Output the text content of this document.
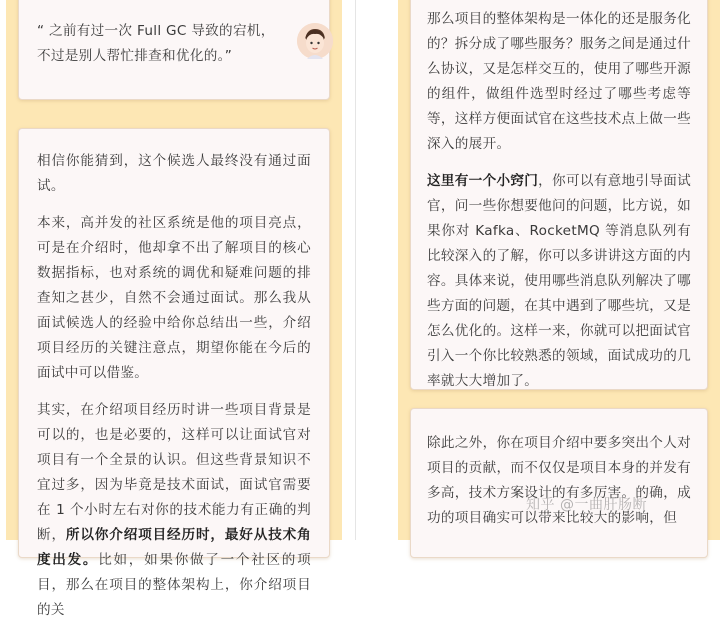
“ 之前有过一次 Full GC 导致的宕机，不过是别人帮忙排查和优化的。”

相信你能猜到，这个候选人最终没有通过面试。

本来，高并发的社区系统是他的项目亮点，可是在介绍时，他却拿不出了解项目的核心数据指标，也对系统的调优和疑难问题的排查知之甚少，自然不会通过面试。那么我从面试候选人的经验中给你总结出一些，介绍项目经历的关键注意点，期望你能在今后的面试中可以借鉴。

其实，在介绍项目经历时讲一些项目背景是可以的，也是必要的，这样可以让面试官对项目有一个全景的认识。但这些背景知识不宜过多，因为毕竟是技术面试，面试官需要在 1 个小时左右对你的技术能力有正确的判断，所以你介绍项目经历时，最好从技术角度出发。比如，如果你做了一个社区的项目，那么在项目的整体架构上，你介绍项目的关

那么项目的整体架构是一体化的还是服务化的？拆分成了哪些服务？服务之间是通过什么协议，又是怎样交互的，使用了哪些开源的组件，做组件选型时经过了哪些考虑等等，这样方便面试官在这些技术点上做一些深入的展开。

这里有一个小窍门，你可以有意地引导面试官，问一些你想要他问的问题，比方说，如果你对 Kafka、RocketMQ 等消息队列有比较深入的了解，你可以多讲讲这方面的内容。具体来说，使用哪些消息队列解决了哪些方面的问题，在其中遇到了哪些坑，又是怎么优化的。这样一来，你就可以把面试官引入一个你比较熟悉的领域，面试成功的几率就大大增加了。

除此之外，你在项目介绍中要多突出个人对项目的贡献，而不仅仅是项目本身的并发有多高，技术方案设计的有多厉害。的确，成功的项目确实可以带来比较大的影响，但

知乎 @一曲肝肠断
